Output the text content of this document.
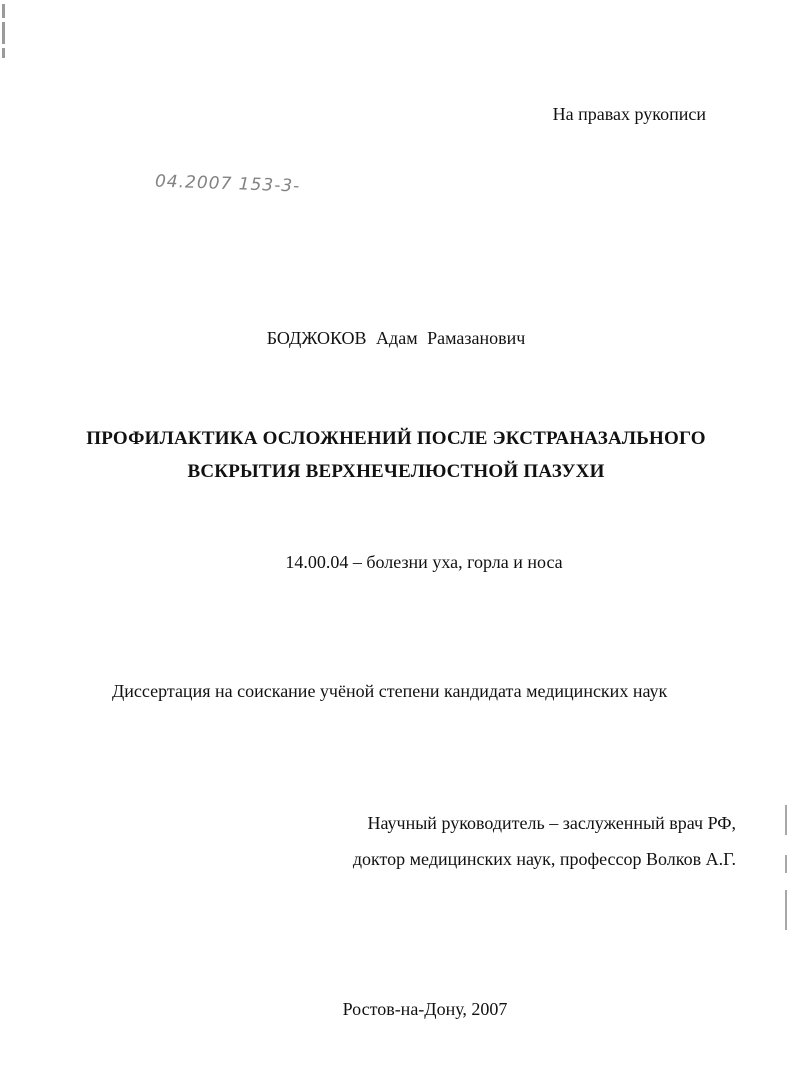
На правах рукописи
04.2007 153-3-
БОДЖОКОВ Адам Рамазанович
ПРОФИЛАКТИКА ОСЛОЖНЕНИЙ ПОСЛЕ ЭКСТРАНАЗАЛЬНОГО
ВСКРЫТИЯ ВЕРХНЕЧЕЛЮСТНОЙ ПАЗУХИ
14.00.04 – болезни уха, горла и носа
Диссертация на соискание учёной степени кандидата медицинских наук
Научный руководитель – заслуженный врач РФ,
доктор медицинских наук, профессор Волков А.Г.
Ростов-на-Дону, 2007
